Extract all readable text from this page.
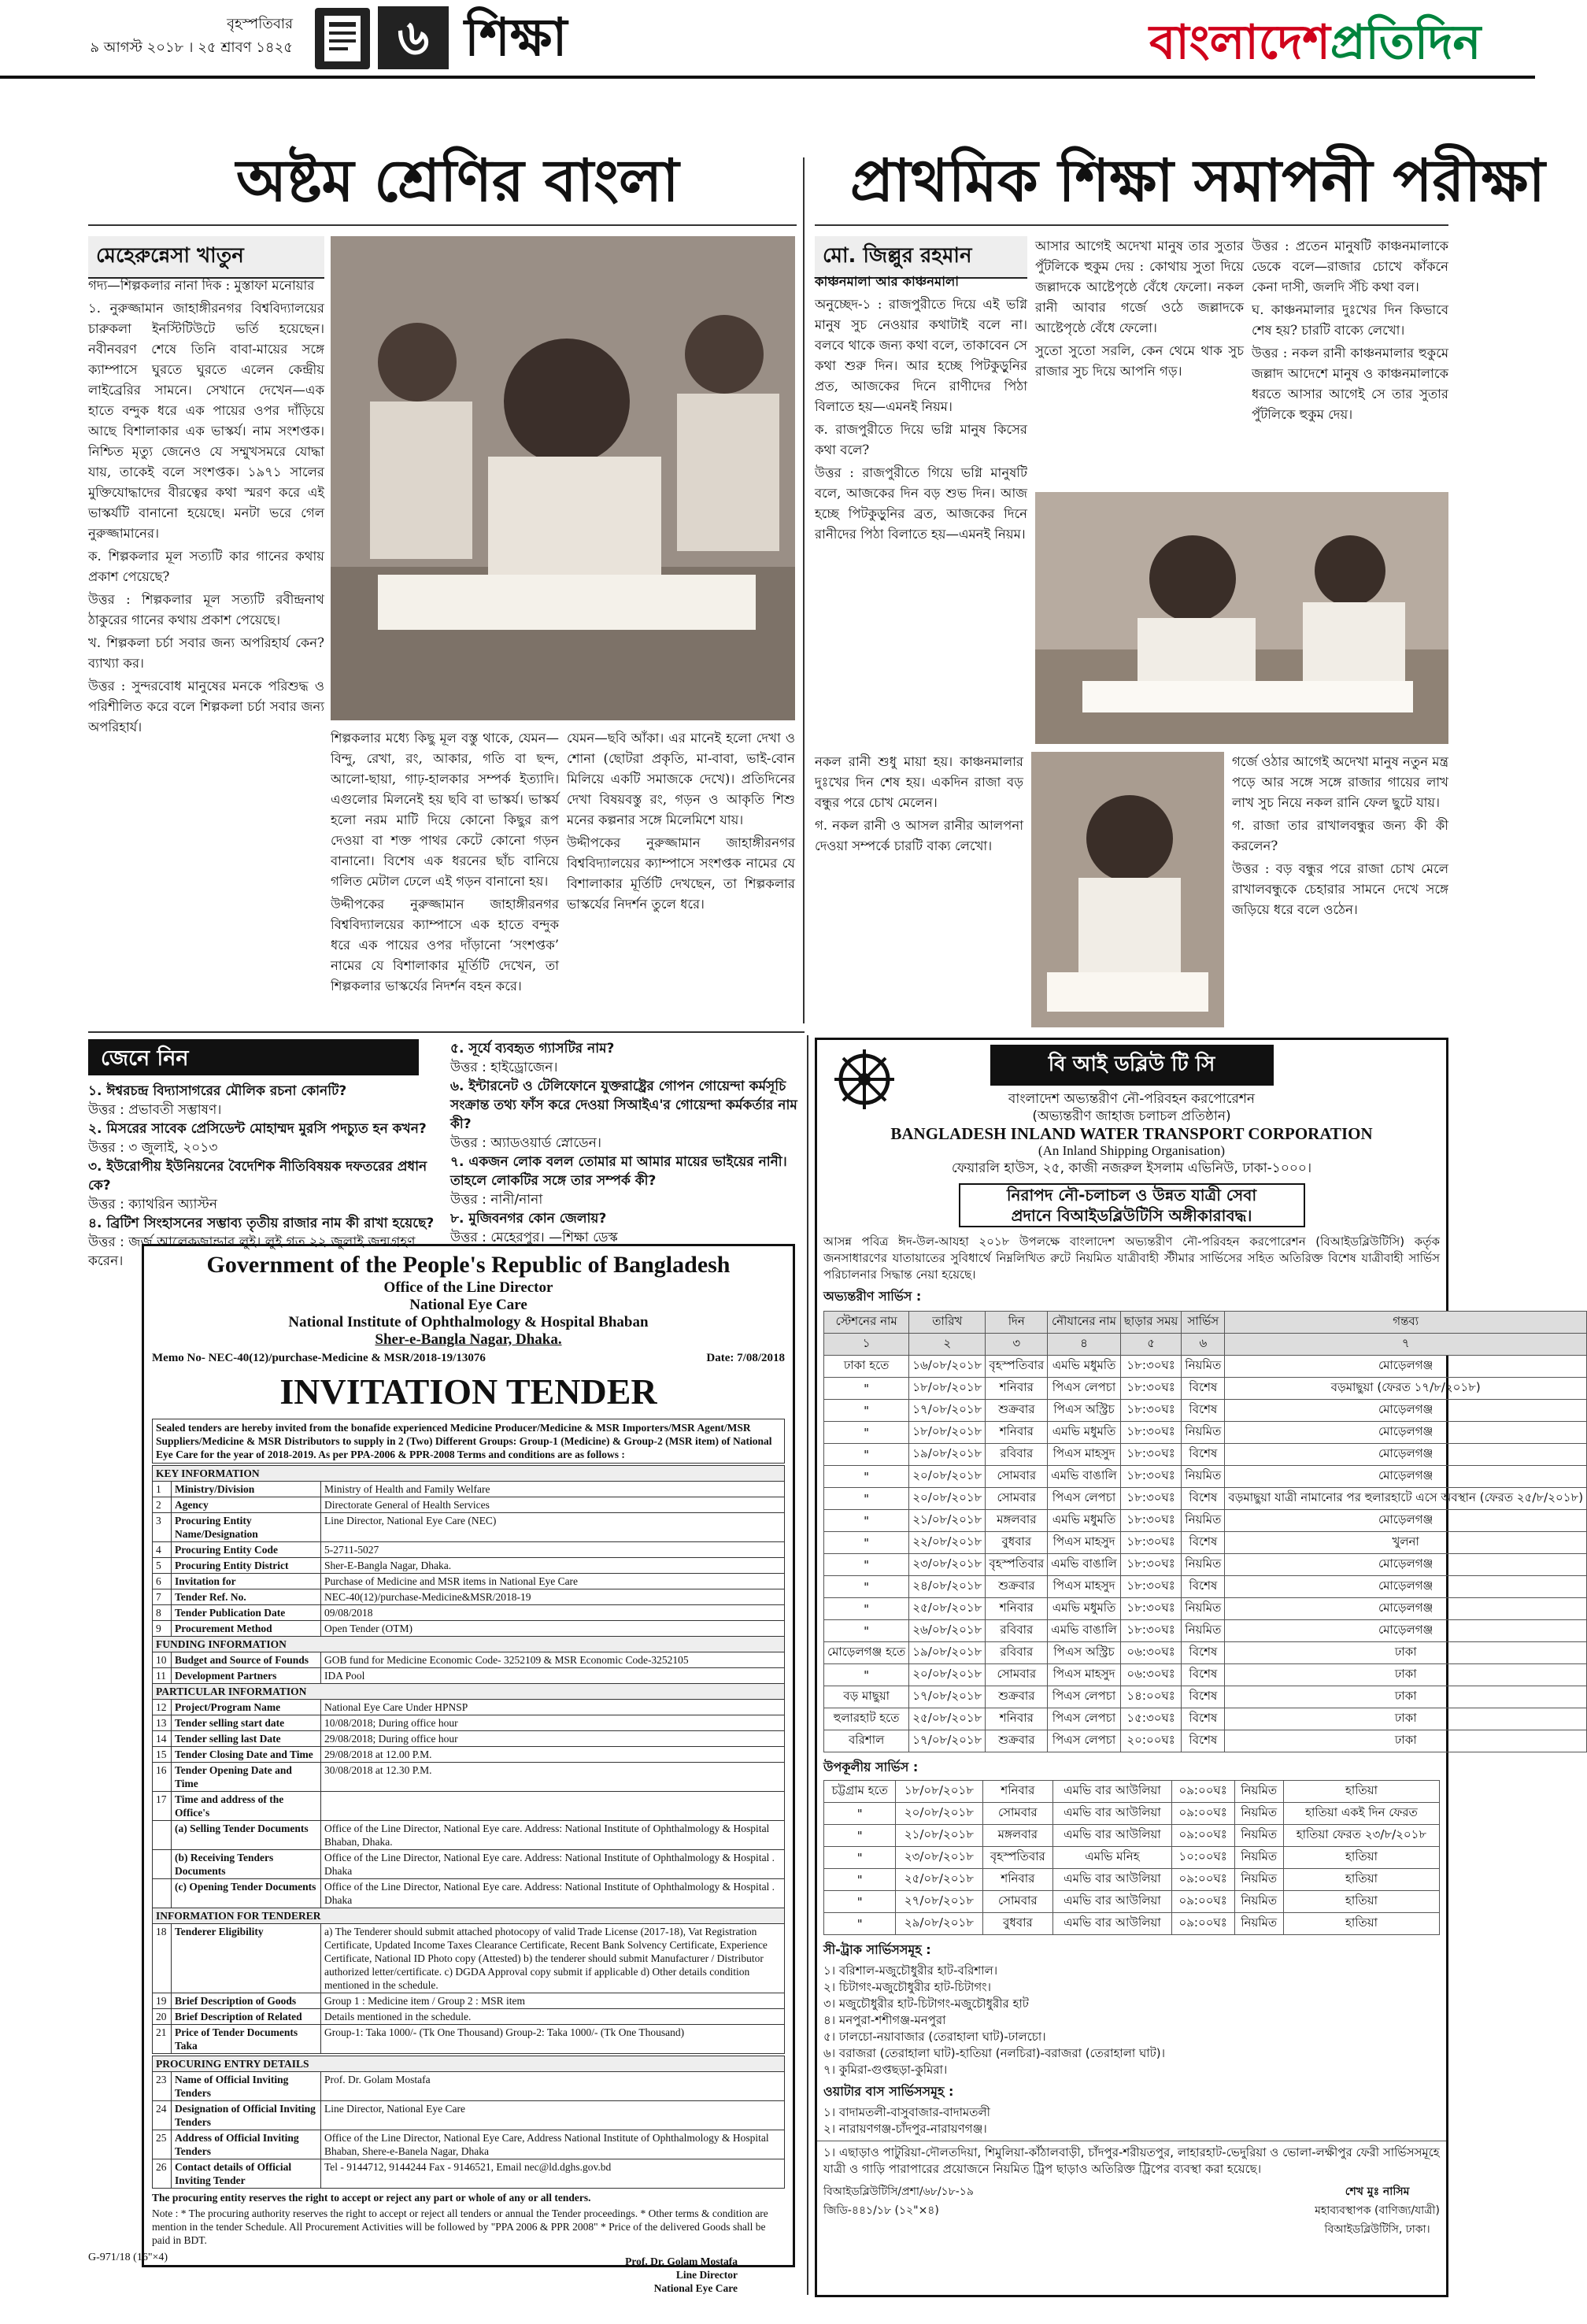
বৃহস্পতিবার
৯ আগস্ট ২০১৮ । ২৫ শ্রাবণ ১৪২৫	৬ শিক্ষা	বাংলাদেশপ্রতিদিন
অষ্টম শ্রেণির বাংলা
মেহেরুন্নেসা খাতুন

গদ্য—শিল্পকলার নানা দিক : মুস্তাফা মনোয়ার

১. নুরুজ্জামান জাহাঙ্গীরনগর বিশ্ববিদ্যালয়ের চারুকলা ইনস্টিটিউটে ভর্তি হয়েছেন। নবীনবরণ শেষে তিনি বাবা-মায়ের সঙ্গে ক্যাম্পাসে ঘুরতে ঘুরতে এলেন কেন্দ্রীয় লাইব্রেরির সামনে। সেখানে দেখেন—এক হাতে বন্দুক ধরে এক পায়ের ওপর দাঁড়িয়ে আছে বিশালাকার এক ভাস্কর্য। নাম সংশপ্তক। নিশ্চিত মৃত্যু জেনেও যে সম্মুখসমরে যোদ্ধা যায়, তাকেই বলে সংশপ্তক। ১৯৭১ সালের মুক্তিযোদ্ধাদের বীরত্বের কথা স্মরণ করে এই ভাস্কর্যটি বানানো হয়েছে। মনটা ভরে গেল নুরুজ্জামানের।

ক. শিল্পকলার মূল সত্যটি কার গানের কথায় প্রকাশ পেয়েছে?

উত্তর : শিল্পকলার মূল সত্যটি রবীন্দ্রনাথ ঠাকুরের গানের কথায় প্রকাশ পেয়েছে।

খ. শিল্পকলা চর্চা সবার জন্য অপরিহার্য কেন? ব্যাখ্যা কর।

উত্তর : সুন্দরবোধ মানুষের মনকে পরিশুদ্ধ ও পরিশীলিত করে বলে শিল্পকলা চর্চা সবার জন্য অপরিহার্য।

শিল্পকলার মধ্যে কিছু মূল বস্তু থাকে, যেমন—বিন্দু, রেখা, রং, আকার, গতি বা ছন্দ, আলো-ছায়া, গাঢ়-হালকার সম্পর্ক ইত্যাদি। এগুলোর মিলনেই হয় ছবি বা ভাস্কর্য। ভাস্কর্য হলো নরম মাটি দিয়ে কোনো কিছুর রূপ দেওয়া বা শক্ত পাথর কেটে কোনো গড়ন বানানো। বিশেষ এক ধরনের ছাঁচ বানিয়ে গলিত মেটাল ঢেলে এই গড়ন বানানো হয়।

উদ্দীপকের নুরুজ্জামান জাহাঙ্গীরনগর বিশ্ববিদ্যালয়ের ক্যাম্পাসে এক হাতে বন্দুক ধরে এক পায়ের ওপর দাঁড়ানো ‘সংশপ্তক’ নামের যে বিশালাকার মূর্তিটি দেখেন, তা শিল্পকলার ভাস্কর্যের নিদর্শন বহন করে।

যেমন—ছবি আঁকা। এর মানেই হলো দেখা ও শোনা (ছোটরা প্রকৃতি, মা-বাবা, ভাই-বোন মিলিয়ে একটি সমাজকে দেখে)। প্রতিদিনের দেখা বিষয়বস্তু রং, গড়ন ও আকৃতি শিশু মনের কল্পনার সঙ্গে মিলেমিশে যায়।

উদ্দীপকের নুরুজ্জামান জাহাঙ্গীরনগর বিশ্ববিদ্যালয়ের ক্যাম্পাসে সংশপ্তক নামের যে বিশালাকার মূর্তিটি দেখছেন, তা শিল্পকলার ভাস্কর্যের নিদর্শন তুলে ধরে।

প্রাথমিক শিক্ষা সমাপনী পরীক্ষা
মো. জিল্লুর রহমান

কাঞ্চনমালা আর কাঞ্চনমালা

অনুচ্ছেদ-১ : রাজপুরীতে দিয়ে এই ভগ্নি মানুষ সুচ নেওয়ার কথাটাই বলে না। বলবে থাকে জন্য কথা বলে, তাকাবেন সে কথা শুরু দিন। আর হচ্ছে পিটকুড়ুনির প্রত, আজকের দিনে রাণীদের পিঠা বিলাতে হয়—এমনই নিয়ম।

ক. রাজপুরীতে দিয়ে ভগ্নি মানুষ কিসের কথা বলে?

উত্তর : রাজপুরীতে গিয়ে ভগ্নি মানুষটি বলে, আজকের দিন বড় শুভ দিন। আজ হচ্ছে পিটকুড়ুনির ব্রত, আজকের দিনে রানীদের পিঠা বিলাতে হয়—এমনই নিয়ম।

আসার আগেই অদেখা মানুষ তার সুতার পুঁটলিকে হুকুম দেয় : কোথায় সুতা দিয়ে জল্লাদকে আষ্টেপৃষ্ঠে বেঁধে ফেলো। নকল রানী আবার গর্জে ওঠে জল্লাদকে আষ্টেপৃষ্ঠে বেঁধে ফেলো।

সুতো সুতো সরলি, কেন থেমে থাক সুচ রাজার সুচ দিয়ে আপনি গড়।

উত্তর : প্রতেন মানুষটি কাঞ্চনমালাকে ডেকে বলে—রাজার চোখে কাঁকনে কেনা দাসী, জলদি সঁচি কথা বল।

ঘ. কাঞ্চনমালার দুঃখের দিন কিভাবে শেষ হয়? চারটি বাক্যে লেখো।

উত্তর : নকল রানী কাঞ্চনমালার হুকুমে জল্লাদ আদেশে মানুষ ও কাঞ্চনমালাকে ধরতে আসার আগেই সে তার সুতার পুঁটলিকে হুকুম দেয়।

নকল রানী শুধু মায়া হয়। কাঞ্চনমালার দুঃখের দিন শেষ হয়। একদিন রাজা বড় বন্ধুর পরে চোখ মেলেন।

গ. নকল রানী ও আসল রানীর আলপনা দেওয়া সম্পর্কে চারটি বাক্য লেখো।

গর্জে ওঠার আগেই অদেখা মানুষ নতুন মন্ত্র পড়ে আর সঙ্গে সঙ্গে রাজার গায়ের লাখ লাখ সুচ নিয়ে নকল রানি ফেল ছুটে যায়।

গ. রাজা তার রাখালবন্ধুর জন্য কী কী করলেন?

উত্তর : বড় বন্ধুর পরে রাজা চোখ মেলে রাখালবন্ধুকে চেহারার সামনে দেখে সঙ্গে জড়িয়ে ধরে বলে ওঠেন।

জেনে নিন
১. ঈশ্বরচন্দ্র বিদ্যাসাগরের মৌলিক রচনা কোনটি?
উত্তর : প্রভাবতী সম্ভাষণ।
২. মিসরের সাবেক প্রেসিডেন্ট মোহাম্মদ মুরসি পদচ্যুত হন কখন?
উত্তর : ৩ জুলাই, ২০১৩
৩. ইউরোপীয় ইউনিয়নের বৈদেশিক নীতিবিষয়ক দফতরের প্রধান কে?
উত্তর : ক্যাথরিন অ্যাস্টন
৪. ব্রিটিশ সিংহাসনের সম্ভাব্য তৃতীয় রাজার নাম কী রাখা হয়েছে?
উত্তর : জর্জ আলেকজান্ডার লুই। লুই গত ২২ জুলাই জন্মগ্রহণ করেন।
৫. সূর্যে ব্যবহৃত গ্যাসটির নাম?
উত্তর : হাইড্রোজেন।
৬. ইন্টারনেট ও টেলিফোনে যুক্তরাষ্ট্রের গোপন গোয়েন্দা কর্মসূচি সংক্রান্ত তথ্য ফাঁস করে দেওয়া সিআইএ'র গোয়েন্দা কর্মকর্তার নাম কী?
উত্তর : অ্যাডওয়ার্ড স্নোডেন।
৭. একজন লোক বলল তোমার মা আমার মায়ের ভাইয়ের নানী। তাহলে লোকটির সঙ্গে তার সম্পর্ক কী?
উত্তর : নানী/নানা
৮. মুজিবনগর কোন জেলায়?
উত্তর : মেহেরপুর। —শিক্ষা ডেস্ক
Government of the People's Republic of Bangladesh
Office of the Line Director
National Eye Care
National Institute of Ophthalmology & Hospital Bhaban
Sher-e-Bangla Nagar, Dhaka.
Memo No- NEC-40(12)/purchase-Medicine & MSR/2018-19/13076	Date: 7/08/2018
INVITATION TENDER
Sealed tenders are hereby invited from the bonafide experienced Medicine Producer/Medicine & MSR Importers/MSR Agent/MSR Suppliers/Medicine & MSR Distributors to supply in 2 (Two) Different Groups: Group-1 (Medicine) & Group-2 (MSR item) of National Eye Care for the year of 2018-2019. As per PPA-2006 & PPR-2008 Terms and conditions are as follows :
KEY INFORMATION		
1	Ministry/Division	Ministry of Health and Family Welfare
2	Agency	Directorate General of Health Services
3	Procuring Entity Name/Designation	Line Director, National Eye Care (NEC)
4	Procuring Entity Code	5-2711-5027
5	Procuring Entity District	Sher-E-Bangla Nagar, Dhaka.
6	Invitation for	Purchase of Medicine and MSR items in National Eye Care
7	Tender Ref. No.	NEC-40(12)/purchase-Medicine&MSR/2018-19
8	Tender Publication Date	09/08/2018
9	Procurement Method	Open Tender (OTM)
FUNDING INFORMATION		
10	Budget and Source of Founds	GOB fund for Medicine Economic Code- 3252109 & MSR Economic Code-3252105
11	Development Partners	IDA Pool
PARTICULAR INFORMATION		
12	Project/Program Name	National Eye Care Under HPNSP
13	Tender selling start date	10/08/2018; During office hour
14	Tender selling last Date	29/08/2018; During office hour
15	Tender Closing Date and Time	29/08/2018 at 12.00 P.M.
16	Tender Opening Date and Time	30/08/2018 at 12.30 P.M.
17	Time and address of the Office's	
	(a) Selling Tender Documents	Office of the Line Director, National Eye care. Address: National Institute of Ophthalmology & Hospital Bhaban, Dhaka.
	(b) Receiving Tenders Documents	Office of the Line Director, National Eye care. Address: National Institute of Ophthalmology & Hospital . Dhaka
	(c) Opening Tender Documents	Office of the Line Director, National Eye care. Address: National Institute of Ophthalmology & Hospital . Dhaka
INFORMATION FOR TENDERER		
18	Tenderer Eligibility	a) The Tenderer should submit attached photocopy of valid Trade License (2017-18), Vat Registration Certificate, Updated Income Taxes Clearance Certificate, Recent Bank Solvency Certificate, Experience Certificate, National ID Photo copy (Attested) b) the tenderer should submit Manufacturer / Distributor authorized letter/certificate. c) DGDA Approval copy submit if applicable d) Other details condition mentioned in the schedule.
19	Brief Description of Goods	Group 1 : Medicine item / Group 2 : MSR item
20	Brief Description of Related	Details mentioned in the schedule.
21	Price of Tender Documents Taka	Group-1: Taka 1000/- (Tk One Thousand) Group-2: Taka 1000/- (Tk One Thousand)
PROCURING ENTRY DETAILS		
23	Name of Official Inviting Tenders	Prof. Dr. Golam Mostafa
24	Designation of Official Inviting Tenders	Line Director, National Eye Care
25	Address of Official Inviting Tenders	Office of the Line Director, National Eye Care, Address National Institute of Ophthalmology & Hospital Bhaban, Shere-e-Banela Nagar, Dhaka
26	Contact details of Official Inviting Tender	Tel - 9144712, 9144244 Fax - 9146521, Email nec@ld.dghs.gov.bd
The procuring entity reserves the right to accept or reject any part or whole of any or all tenders.
Note : * The procuring authority reserves the right to accept or reject all tenders or annual the Tender proceedings. * Other terms & condition are mention in the tender Schedule. All Procurement Activities will be followed by "PPA 2006 & PPR 2008" * Price of the delivered Goods shall be paid in BDT.
Prof. Dr. Golam Mostafa
Line Director
National Eye Care
G-971/18 (16"×4)
বি আই ডব্লিউ টি সি
বাংলাদেশ অভ্যন্তরীণ নৌ-পরিবহন করপোরেশন
(অভ্যন্তরীণ জাহাজ চলাচল প্রতিষ্ঠান)
BANGLADESH INLAND WATER TRANSPORT CORPORATION
(An Inland Shipping Organisation)
ফেয়ারলি হাউস, ২৫, কাজী নজরুল ইসলাম এভিনিউ, ঢাকা-১০০০।
নিরাপদ নৌ-চলাচল ও উন্নত যাত্রী সেবা
প্রদানে বিআইডব্লিউটিসি অঙ্গীকারাবদ্ধ।
আসন্ন পবিত্র ঈদ-উল-আযহা ২০১৮ উপলক্ষে বাংলাদেশ অভ্যন্তরীণ নৌ-পরিবহন করপোরেশন (বিআইডব্লিউটিসি) কর্তৃক জনসাধারণের যাতায়াতের সুবিধার্থে নিম্নলিখিত রুটে নিয়মিত যাত্রীবাহী স্টীমার সার্ভিসের সহিত অতিরিক্ত বিশেষ যাত্রীবাহী সার্ভিস পরিচালনার সিদ্ধান্ত নেয়া হয়েছে।
অভ্যন্তরীণ সার্ভিস :
স্টেশনের নাম	তারিখ	দিন	নৌযানের নাম	ছাড়ার সময়	সার্ভিস	গন্তব্য
১	২	৩	৪	৫	৬	৭
ঢাকা হতে	১৬/০৮/২০১৮	বৃহস্পতিবার	এমভি মধুমতি	১৮:৩০ঘঃ	নিয়মিত	মোড়েলগঞ্জ
"	১৮/০৮/২০১৮	শনিবার	পিএস লেপচা	১৮:৩০ঘঃ	বিশেষ	বড়মাছুয়া (ফেরত ১৭/৮/২০১৮)
"	১৭/০৮/২০১৮	শুক্রবার	পিএস অস্ট্রিচ	১৮:৩০ঘঃ	বিশেষ	মোড়েলগঞ্জ
"	১৮/০৮/২০১৮	শনিবার	এমভি মধুমতি	১৮:৩০ঘঃ	নিয়মিত	মোড়েলগঞ্জ
"	১৯/০৮/২০১৮	রবিবার	পিএস মাহসুদ	১৮:৩০ঘঃ	বিশেষ	মোড়েলগঞ্জ
"	২০/০৮/২০১৮	সোমবার	এমভি বাঙালি	১৮:৩০ঘঃ	নিয়মিত	মোড়েলগঞ্জ
"	২০/০৮/২০১৮	সোমবার	পিএস লেপচা	১৮:৩০ঘঃ	বিশেষ	বড়মাছুয়া যাত্রী নামানোর পর হুলারহাটে এসে অবস্থান (ফেরত ২৫/৮/২০১৮)
"	২১/০৮/২০১৮	মঙ্গলবার	এমভি মধুমতি	১৮:৩০ঘঃ	নিয়মিত	মোড়েলগঞ্জ
"	২২/০৮/২০১৮	বুধবার	পিএস মাহসুদ	১৮:৩০ঘঃ	বিশেষ	খুলনা
"	২৩/০৮/২০১৮	বৃহস্পতিবার	এমভি বাঙালি	১৮:৩০ঘঃ	নিয়মিত	মোড়েলগঞ্জ
"	২৪/০৮/২০১৮	শুক্রবার	পিএস মাহসুদ	১৮:৩০ঘঃ	বিশেষ	মোড়েলগঞ্জ
"	২৫/০৮/২০১৮	শনিবার	এমভি মধুমতি	১৮:৩০ঘঃ	নিয়মিত	মোড়েলগঞ্জ
"	২৬/০৮/২০১৮	রবিবার	এমভি বাঙালি	১৮:৩০ঘঃ	নিয়মিত	মোড়েলগঞ্জ
মোড়েলগঞ্জ হতে	১৯/০৮/২০১৮	রবিবার	পিএস অস্ট্রিচ	০৬:৩০ঘঃ	বিশেষ	ঢাকা
"	২০/০৮/২০১৮	সোমবার	পিএস মাহসুদ	০৬:৩০ঘঃ	বিশেষ	ঢাকা
বড় মাছুয়া	১৭/০৮/২০১৮	শুক্রবার	পিএস লেপচা	১৪:০০ঘঃ	বিশেষ	ঢাকা
হুলারহাট হতে	২৫/০৮/২০১৮	শনিবার	পিএস লেপচা	১৫:৩০ঘঃ	বিশেষ	ঢাকা
বরিশাল	১৭/০৮/২০১৮	শুক্রবার	পিএস লেপচা	২০:০০ঘঃ	বিশেষ	ঢাকা
উপকূলীয় সার্ভিস :
চট্টগ্রাম হতে	১৮/০৮/২০১৮	শনিবার	এমভি বার আউলিয়া	০৯:০০ঘঃ	নিয়মিত	হাতিয়া
"	২০/০৮/২০১৮	সোমবার	এমভি বার আউলিয়া	০৯:০০ঘঃ	নিয়মিত	হাতিয়া একই দিন ফেরত
"	২১/০৮/২০১৮	মঙ্গলবার	এমভি বার আউলিয়া	০৯:০০ঘঃ	নিয়মিত	হাতিয়া ফেরত ২৩/৮/২০১৮
"	২৩/০৮/২০১৮	বৃহস্পতিবার	এমভি মনিহ	১০:০০ঘঃ	নিয়মিত	হাতিয়া
"	২৫/০৮/২০১৮	শনিবার	এমভি বার আউলিয়া	০৯:০০ঘঃ	নিয়মিত	হাতিয়া
"	২৭/০৮/২০১৮	সোমবার	এমভি বার আউলিয়া	০৯:০০ঘঃ	নিয়মিত	হাতিয়া
"	২৯/০৮/২০১৮	বুধবার	এমভি বার আউলিয়া	০৯:০০ঘঃ	নিয়মিত	হাতিয়া
সী-ট্রাক সার্ভিসসমূহ :
১। বরিশাল-মজুচৌধুরীর হাট-বরিশাল।
২। চিটাগং-মজুচৌধুরীর হাট-চিটাগং।
৩। মজুচৌধুরীর হাট-চিটাগং-মজুচৌধুরীর হাট
৪। মনপুরা-শশীগঞ্জ-মনপুরা
৫। ঢালচো-নয়াবাজার (তেরাহালা ঘাট)-ঢালচো।
৬। বরাজরা (তেরাহালা ঘাট)-হাতিয়া (নলচিরা)-বরাজরা (তেরাহালা ঘাট)।
৭। কুমিরা-গুপ্তছড়া-কুমিরা।
ওয়াটার বাস সার্ভিসসমূহ :
১। বাদামতলী-বাসুবাজার-বাদামতলী
২। নারায়ণগঞ্জ-চাঁদপুর-নারায়ণগঞ্জ।
১। এছাড়াও পাটুরিয়া-দৌলতদিয়া, শিমুলিয়া-কাঁঠালবাড়ী, চাঁদপুর-শরীয়তপুর, লাহারহাট-ভেদুরিয়া ও ভোলা-লক্ষীপুর ফেরী সার্ভিসসমূহে যাত্রী ও গাড়ি পারাপারের প্রয়োজনে নিয়মিত ট্রিপ ছাড়াও অতিরিক্ত ট্রিপের ব্যবস্থা করা হয়েছে।
বিআইডব্লিউটিসি/প্রশা/৬৮/১৮-১৯
জিডি-৪৪১/১৮ (১২"×৪)
শেখ মুঃ নাসিম
মহাব্যবস্থাপক (বাণিজ্য/যাত্রী)
বিআইডব্লিউটিসি, ঢাকা।
